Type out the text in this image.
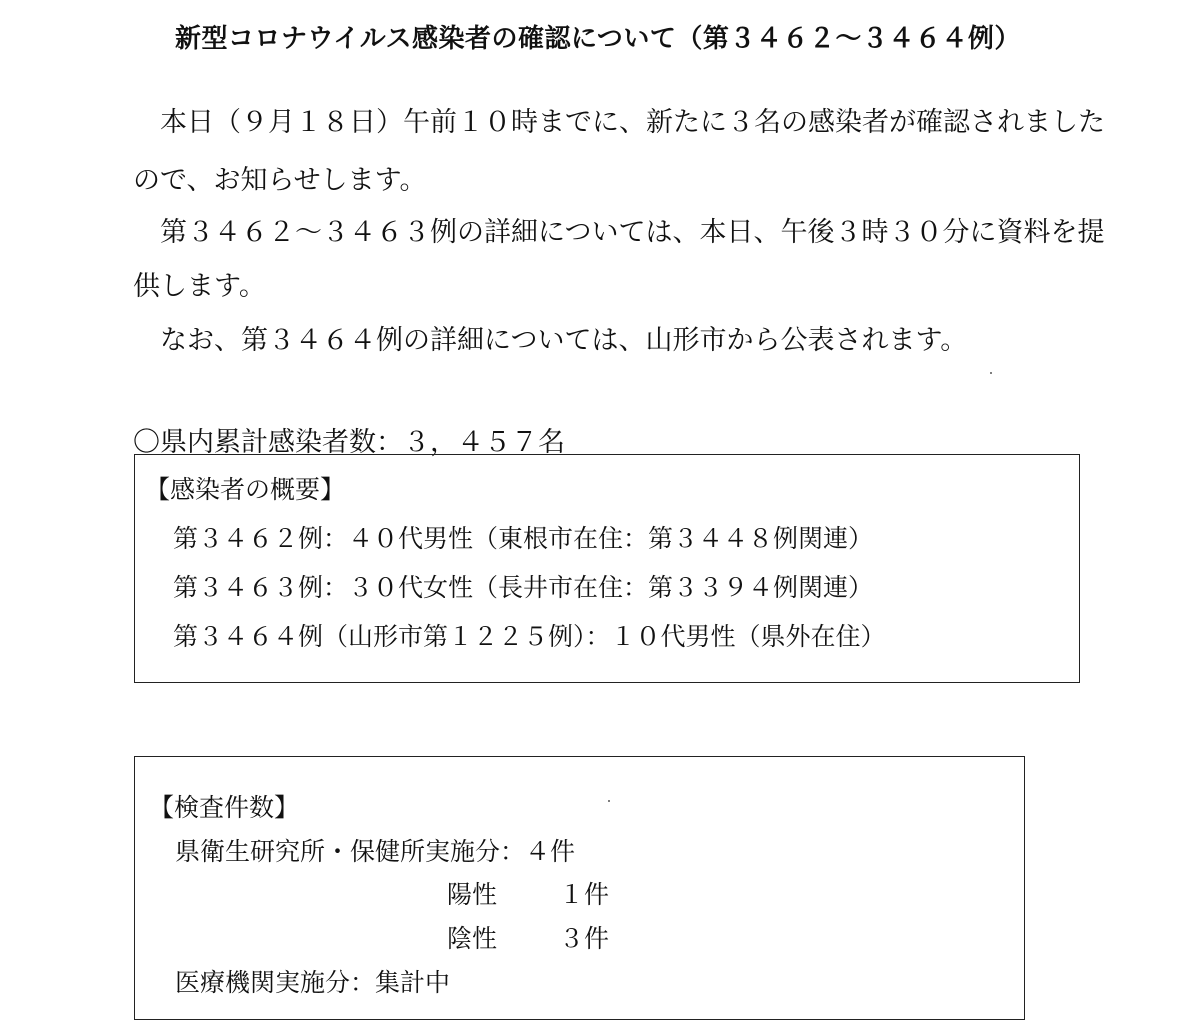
新型コロナウイルス感染者の確認について（第３４６２〜３４６４例）
本日（９月１８日）午前１０時までに、新たに３名の感染者が確認されました
ので、お知らせします。
第３４６２〜３４６３例の詳細については、本日、午後３時３０分に資料を提
供します。
なお、第３４６４例の詳細については、山形市から公表されます。
〇県内累計感染者数：３，４５７名
【感染者の概要】
第３４６２例：４０代男性（東根市在住：第３４４８例関連）
第３４６３例：３０代女性（長井市在住：第３３９４例関連）
第３４６４例（山形市第１２２５例）：１０代男性（県外在住）
【検査件数】
県衛生研究所・保健所実施分：４件
陽性 １件
陰性 ３件
医療機関実施分：集計中
